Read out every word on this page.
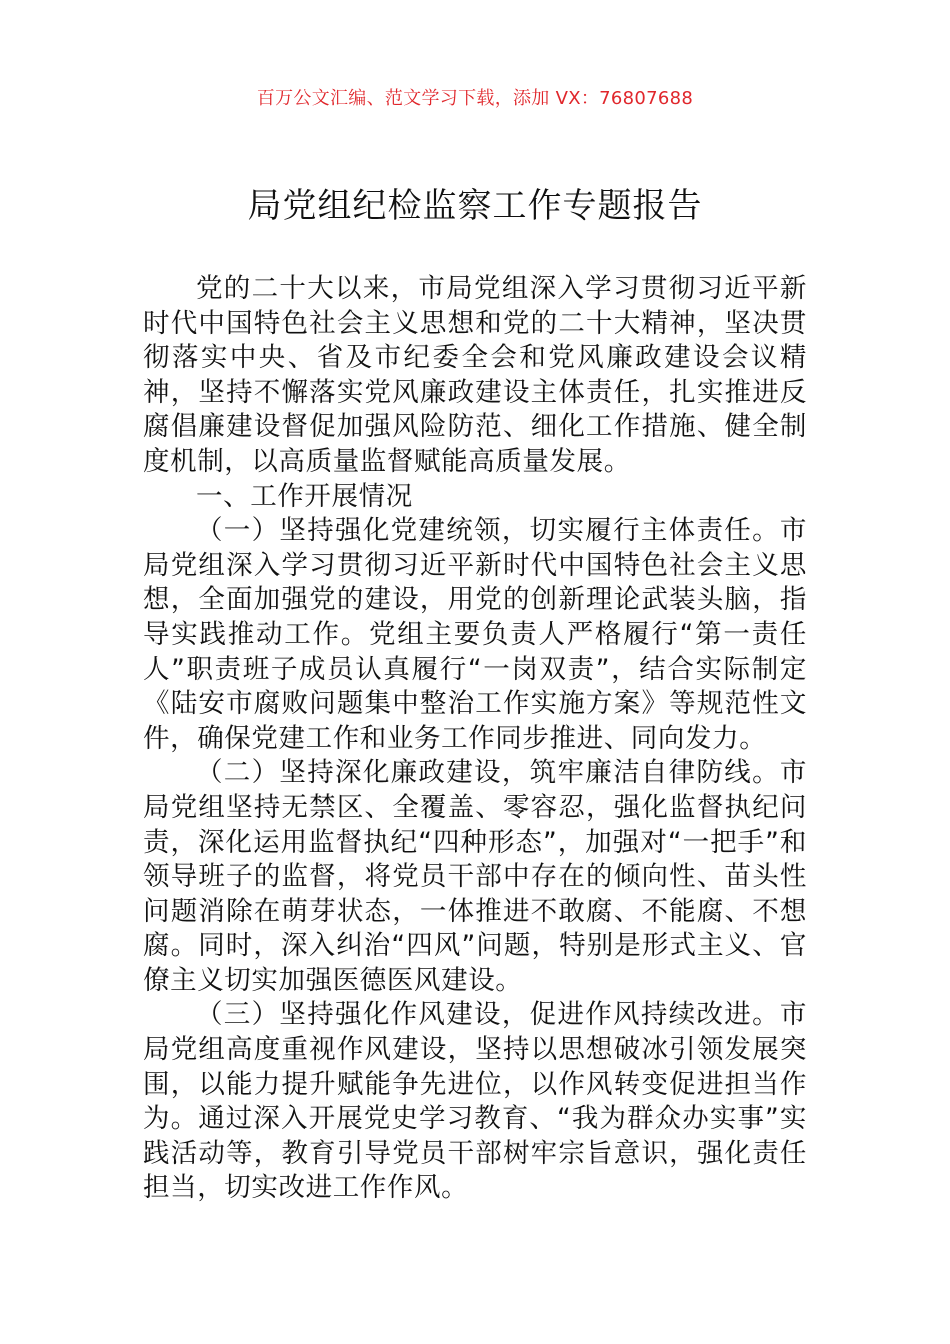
百万公文汇编、范文学习下载，添加 VX：76807688
局党组纪检监察工作专题报告

党的二十大以来，市局党组深入学习贯彻习近平新时代中国特色社会主义思想和党的二十大精神，坚决贯彻落实中央、省及市纪委全会和党风廉政建设会议精神，坚持不懈落实党风廉政建设主体责任，扎实推进反腐倡廉建设督促加强风险防范、细化工作措施、健全制度机制，以高质量监督赋能高质量发展。

一、工作开展情况

（一）坚持强化党建统领，切实履行主体责任。市局党组深入学习贯彻习近平新时代中国特色社会主义思想，全面加强党的建设，用党的创新理论武装头脑，指导实践推动工作。党组主要负责人严格履行“第一责任人”职责班子成员认真履行“一岗双责”，结合实际制定《陆安市腐败问题集中整治工作实施方案》等规范性文件，确保党建工作和业务工作同步推进、同向发力。

（二）坚持深化廉政建设，筑牢廉洁自律防线。市局党组坚持无禁区、全覆盖、零容忍，强化监督执纪问责，深化运用监督执纪“四种形态”，加强对“一把手”和领导班子的监督，将党员干部中存在的倾向性、苗头性问题消除在萌芽状态，一体推进不敢腐、不能腐、不想腐。同时，深入纠治“四风”问题，特别是形式主义、官僚主义切实加强医德医风建设。

（三）坚持强化作风建设，促进作风持续改进。市局党组高度重视作风建设，坚持以思想破冰引领发展突围，以能力提升赋能争先进位，以作风转变促进担当作为。通过深入开展党史学习教育、“我为群众办实事”实践活动等，教育引导党员干部树牢宗旨意识，强化责任担当，切实改进工作作风。
